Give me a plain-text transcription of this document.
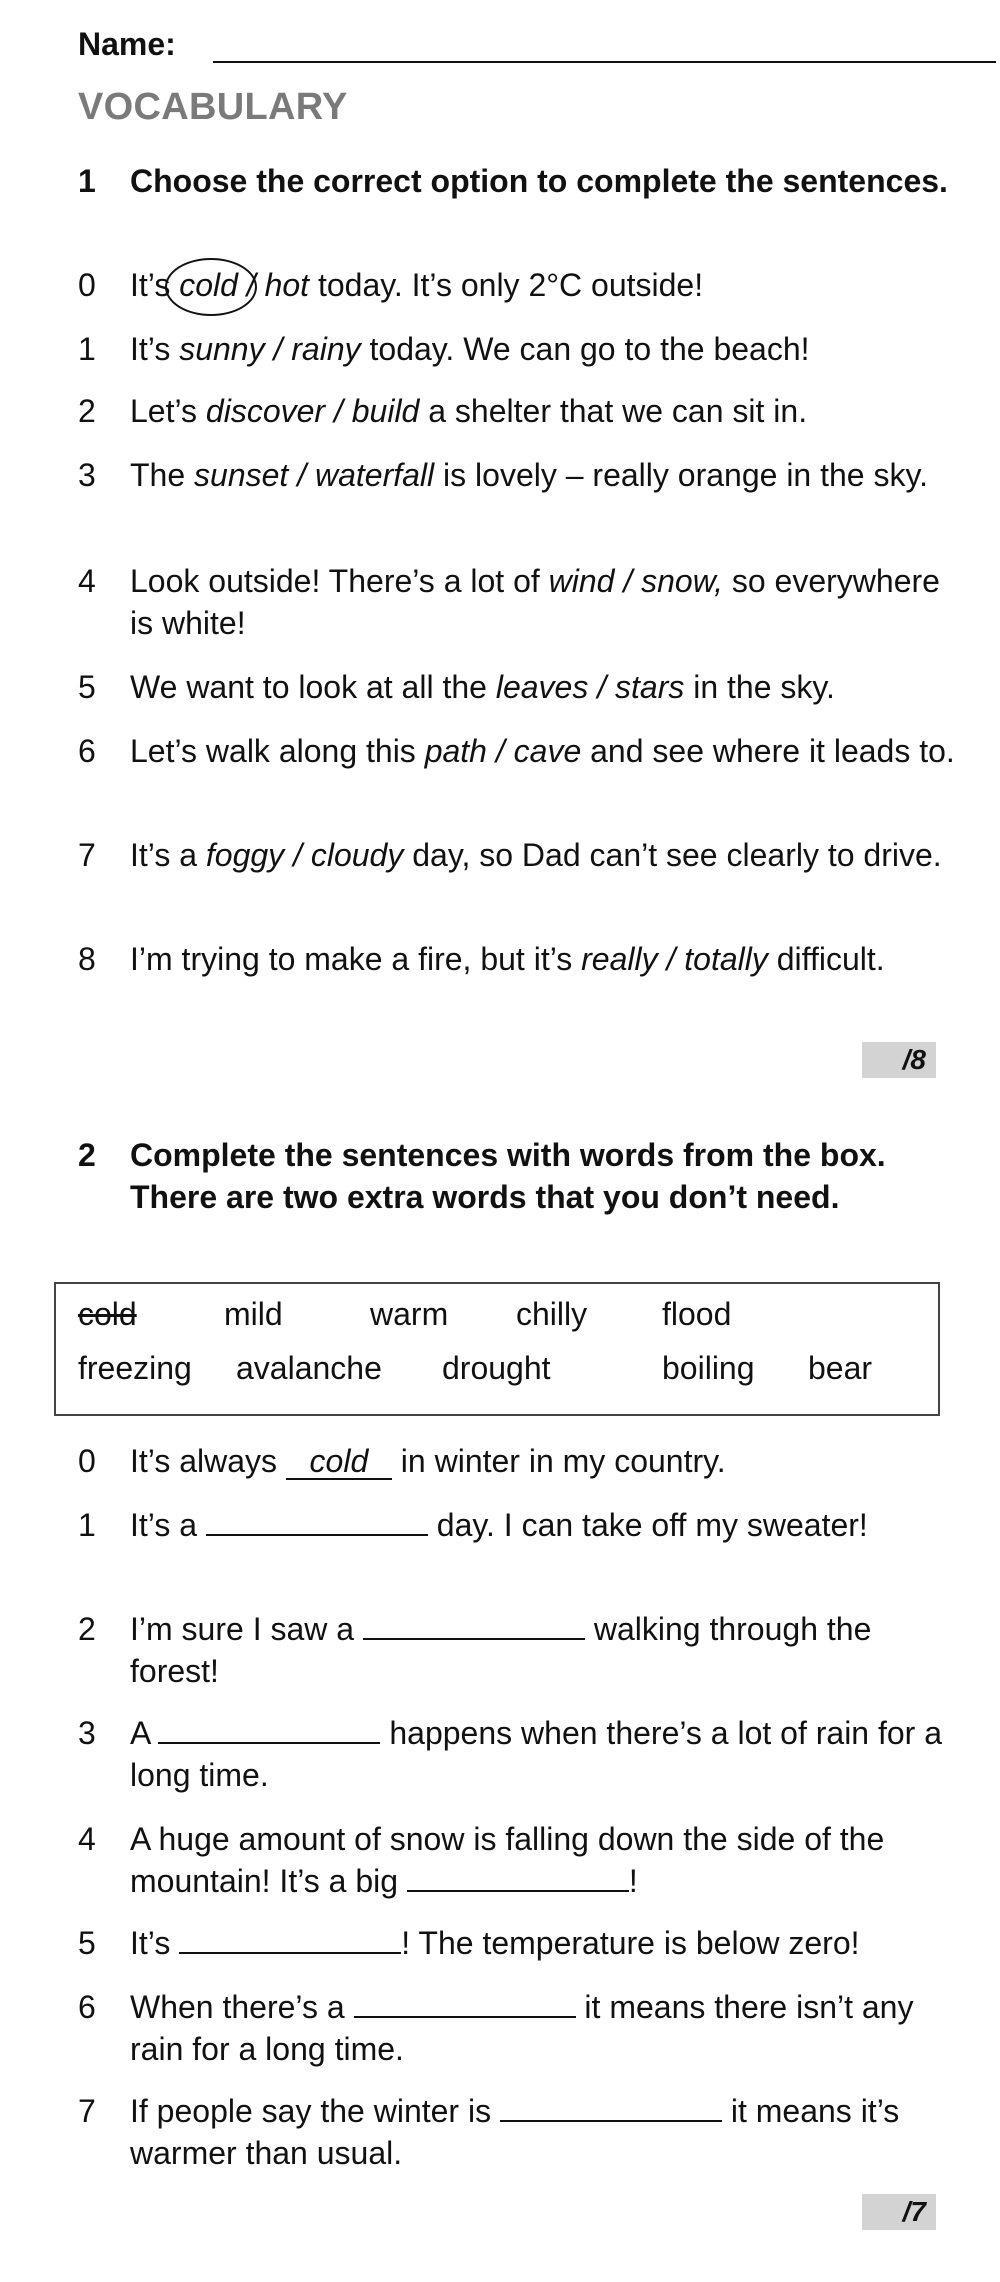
Name:
VOCABULARY
1 Choose the correct option to complete the sentences.
0 It’s cold
/ hot today. It’s only 2°C outside!
1 It’s sunny / rainy today. We can go to the beach!
2 Let’s discover / build a shelter that we can sit in.
3 The sunset / waterfall is lovely – really orange in the sky.
4 Look outside! There’s a lot of wind / snow, so everywhere is white!
5 We want to look at all the leaves / stars in the sky.
6 Let’s walk along this path / cave and see where it leads to.
7 It’s a foggy / cloudy day, so Dad can’t see clearly to drive.
8 I’m trying to make a fire, but it’s really / totally difficult.
/8
2 Complete the sentences with words from the box. There are two extra words that you don’t need.
cold	mild	warm chilly flood
freezing avalanche drought	boiling bear
0 It’s always cold in winter in my country.
1 It’s a	day. I can take off my sweater!
2 I’m sure I saw a	walking through the forest!
3 A	happens when there’s a lot of rain for a long time.
4 A huge amount of snow is falling down the side of the mountain! It’s a big	!
5 It’s	! The temperature is below zero!
6 When there’s a	it means there isn’t any rain for a long time.
7 If people say the winter is	it means it’s warmer than usual.
/7
